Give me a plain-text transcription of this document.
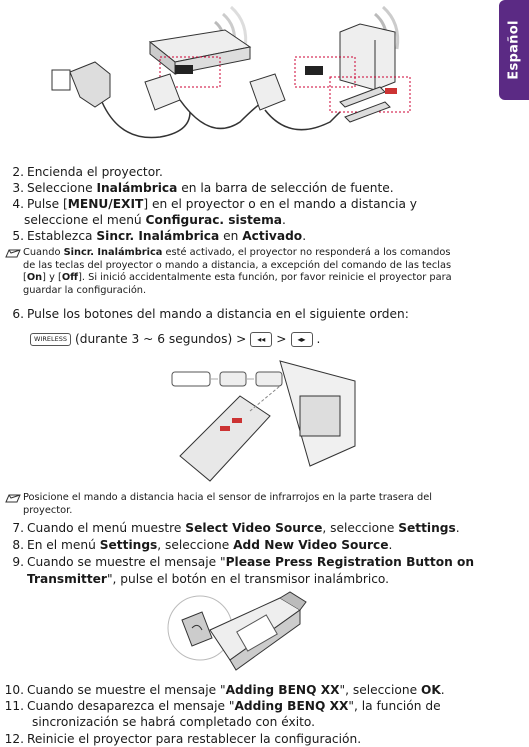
Español
2. Encienda el proyector.
3. Seleccione Inalámbrica en la barra de selección de fuente.
4. Pulse [MENU/EXIT] en el proyector o en el mando a distancia y
seleccione el menú Configurac. sistema.
5. Establezca Sincr. Inalámbrica en Activado.
Cuando Sincr. Inalámbrica esté activado, el proyector no responderá a los comandos
de las teclas del proyector o mando a distancia, a excepción del comando de las teclas
[On] y [Off]. Si inició accidentalmente esta función, por favor reinicie el proyector para
guardar la configuración.
6. Pulse los botones del mando a distancia en el siguiente orden:
WIRELESS (durante 3 ~ 6 segundos) > ◂◂ > ◂▸ .
Posicione el mando a distancia hacia el sensor de infrarrojos en la parte trasera del
proyector.
7. Cuando el menú muestre Select Video Source, seleccione Settings.
8. En el menú Settings, seleccione Add New Video Source.
9. Cuando se muestre el mensaje "Please Press Registration Button on
Transmitter", pulse el botón en el transmisor inalámbrico.
10. Cuando se muestre el mensaje "Adding BENQ XX", seleccione OK.
11. Cuando desaparezca el mensaje "Adding BENQ XX", la función de
sincronización se habrá completado con éxito.
12. Reinicie el proyector para restablecer la configuración.
